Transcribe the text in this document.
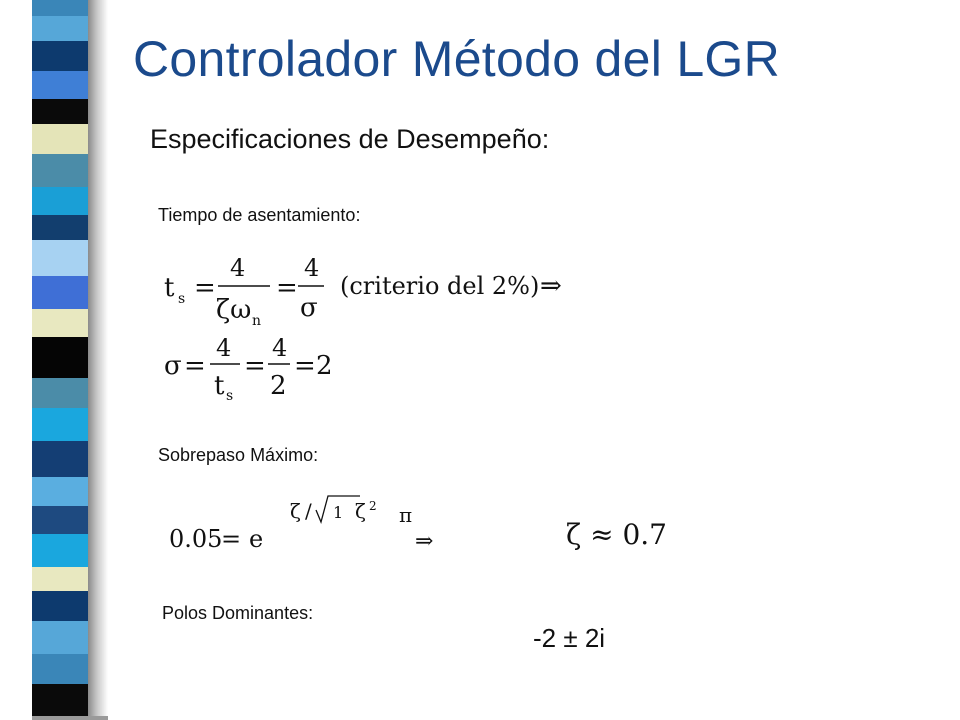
Controlador Método del LGR
Especificaciones de Desempeño:
Tiempo de asentamiento:
t s =
4
ζω n
=
4
σ
(criterio del 2%) ⇒
σ =
4
t s
=
4
2
= 2
Sobrepaso Máximo:
0.05
= e
ζ / 1 ζ 2 π
⇒	ζ ≈ 0.7
Polos Dominantes:
-2 ± 2i
